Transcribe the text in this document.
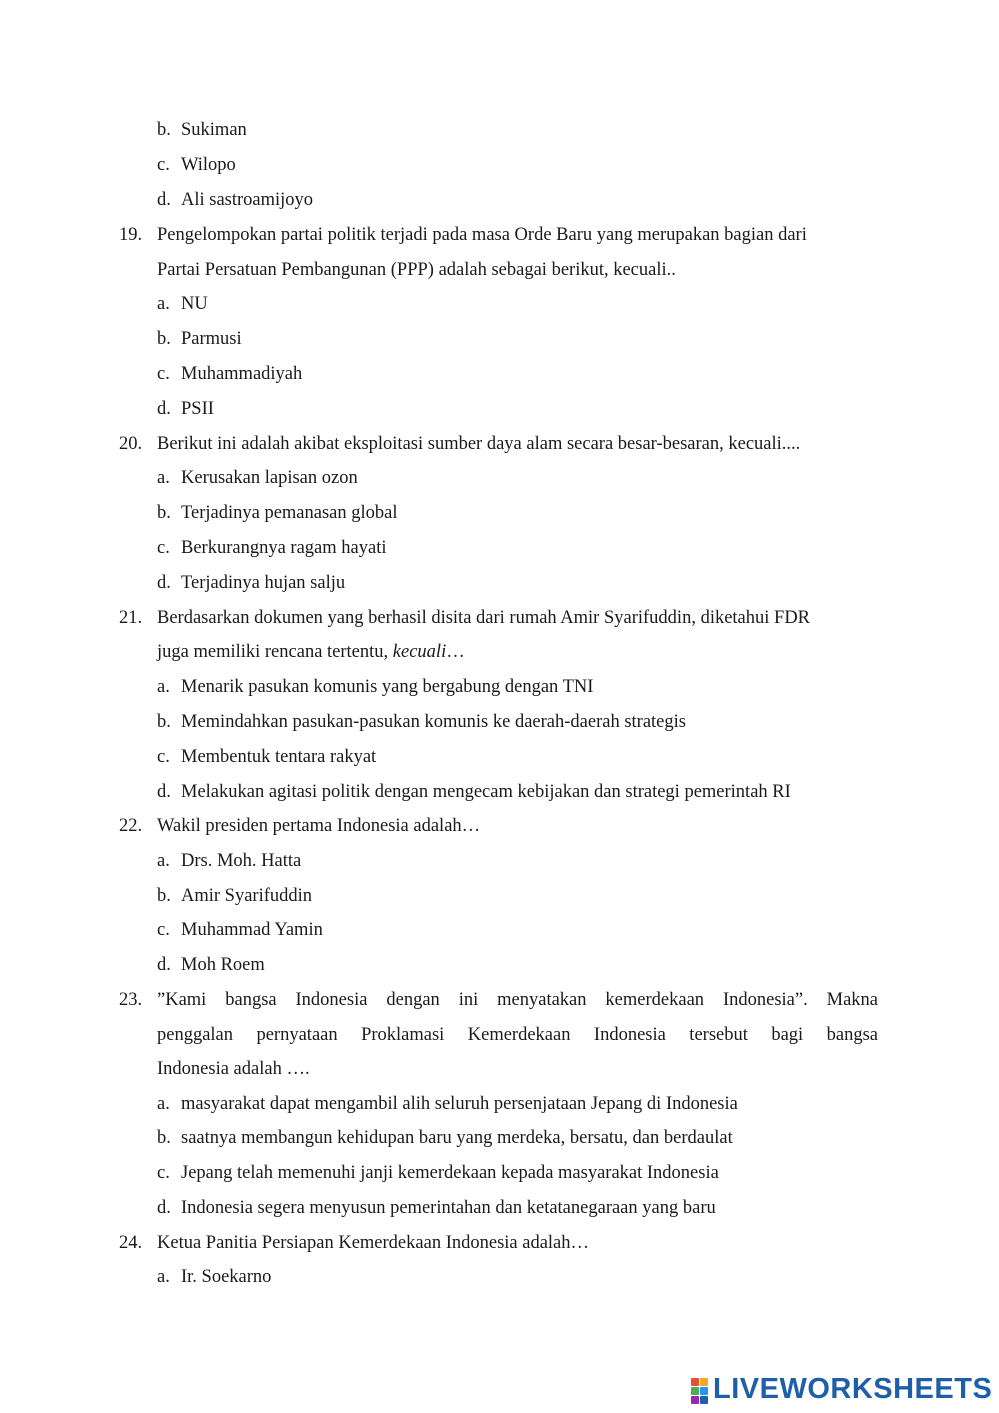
b. Sukiman
c. Wilopo
d. Ali sastroamijoyo
19. Pengelompokan partai politik terjadi pada masa Orde Baru yang merupakan bagian dari
Partai Persatuan Pembangunan (PPP) adalah sebagai berikut, kecuali..
a. NU
b. Parmusi
c. Muhammadiyah
d. PSII
20. Berikut ini adalah akibat eksploitasi sumber daya alam secara besar-besaran, kecuali....
a. Kerusakan lapisan ozon
b. Terjadinya pemanasan global
c. Berkurangnya ragam hayati
d. Terjadinya hujan salju
21. Berdasarkan dokumen yang berhasil disita dari rumah Amir Syarifuddin, diketahui FDR
juga memiliki rencana tertentu, kecuali…
a. Menarik pasukan komunis yang bergabung dengan TNI
b. Memindahkan pasukan-pasukan komunis ke daerah-daerah strategis
c. Membentuk tentara rakyat
d. Melakukan agitasi politik dengan mengecam kebijakan dan strategi pemerintah RI
22. Wakil presiden pertama Indonesia adalah…
a. Drs. Moh. Hatta
b. Amir Syarifuddin
c. Muhammad Yamin
d. Moh Roem
23. ”Kami bangsa Indonesia dengan ini menyatakan kemerdekaan Indonesia”. Makna
penggalan pernyataan Proklamasi Kemerdekaan Indonesia tersebut bagi bangsa
Indonesia adalah ….
a. masyarakat dapat mengambil alih seluruh persenjataan Jepang di Indonesia
b. saatnya membangun kehidupan baru yang merdeka, bersatu, dan berdaulat
c. Jepang telah memenuhi janji kemerdekaan kepada masyarakat Indonesia
d. Indonesia segera menyusun pemerintahan dan ketatanegaraan yang baru
24. Ketua Panitia Persiapan Kemerdekaan Indonesia adalah…
a. Ir. Soekarno
LIVEWORKSHEETS
